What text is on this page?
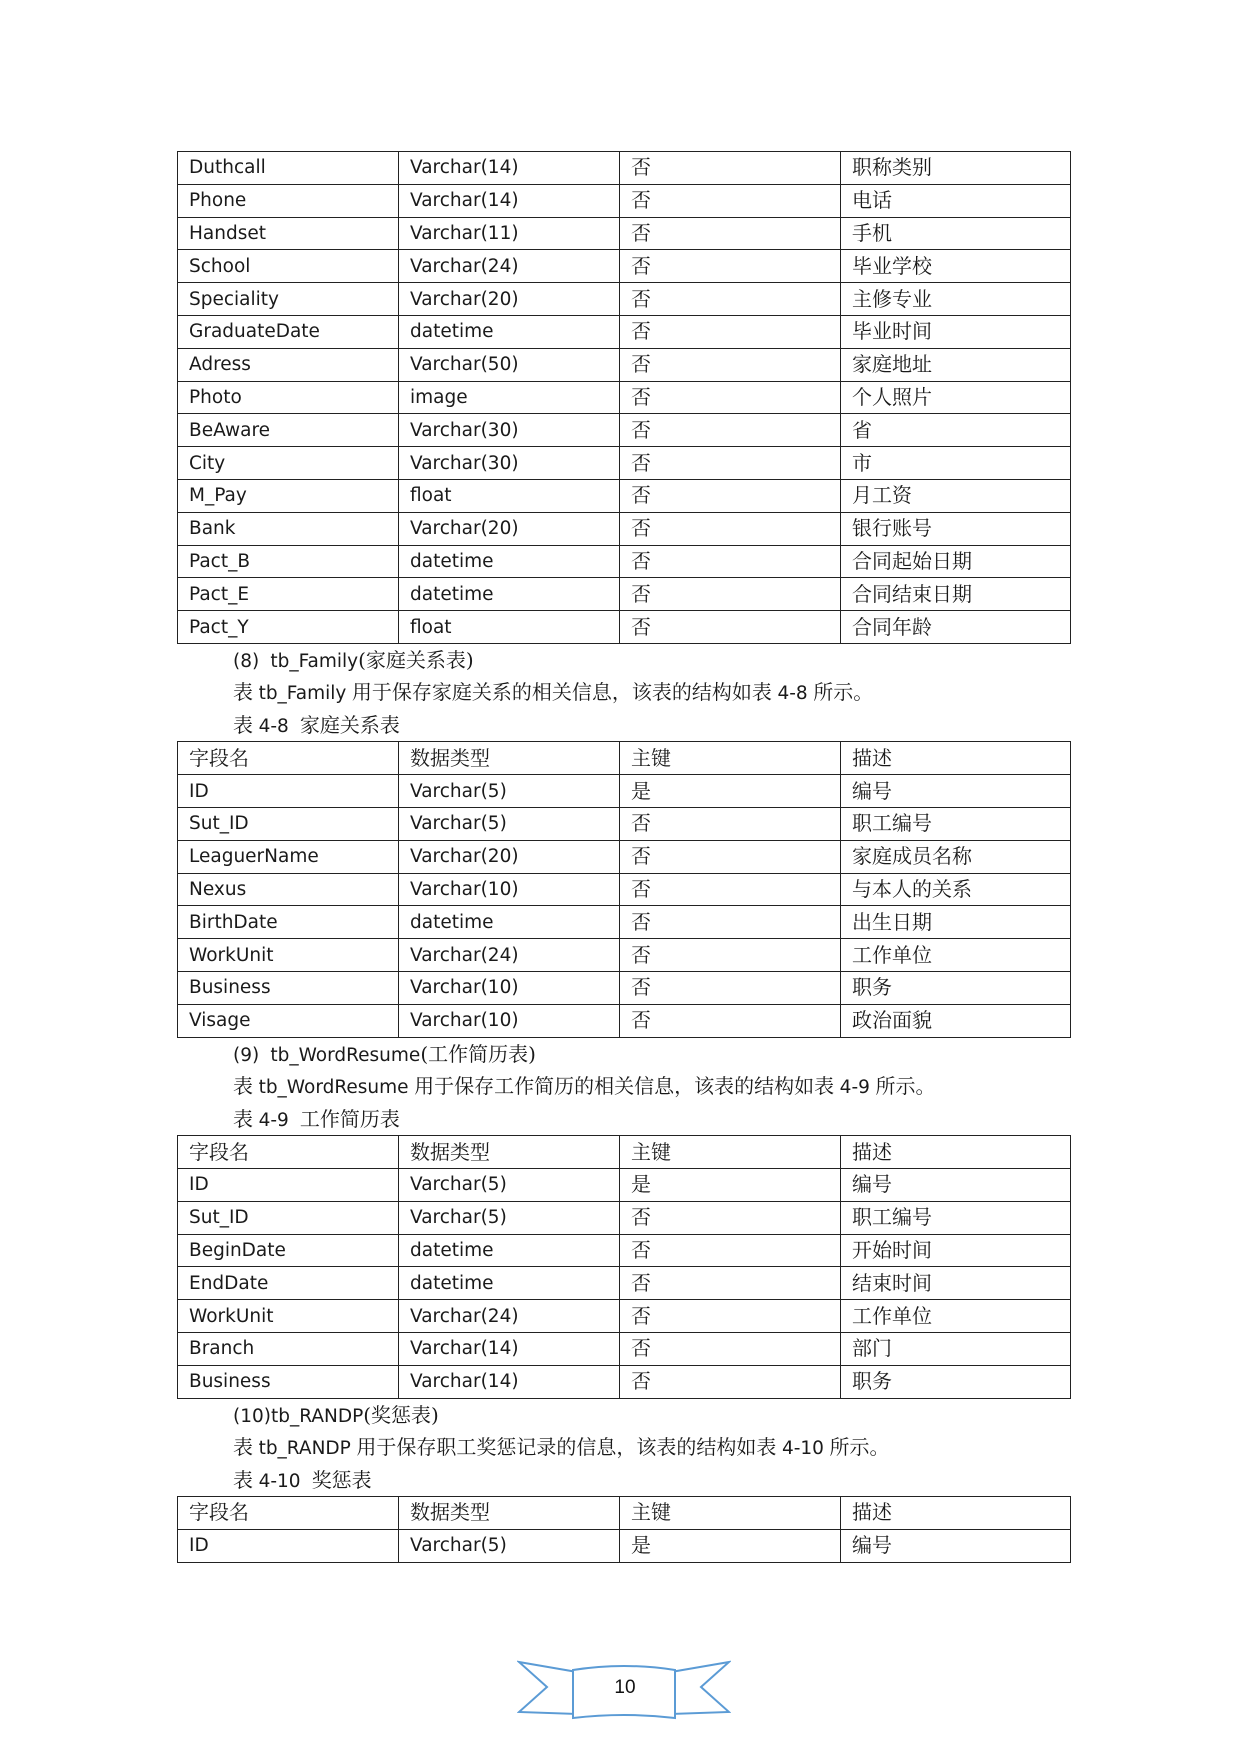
Duthcall	Varchar(14)	否	职称类别
Phone	Varchar(14)	否	电话
Handset	Varchar(11)	否	手机
School	Varchar(24)	否	毕业学校
Speciality	Varchar(20)	否	主修专业
GraduateDate	datetime	否	毕业时间
Adress	Varchar(50)	否	家庭地址
Photo	image	否	个人照片
BeAware	Varchar(30)	否	省
City	Varchar(30)	否	市
M_Pay	float	否	月工资
Bank	Varchar(20)	否	银行账号
Pact_B	datetime	否	合同起始日期
Pact_E	datetime	否	合同结束日期
Pact_Y	float	否	合同年龄

(8) tb_Family(家庭关系表)

表 tb_Family 用于保存家庭关系的相关信息，该表的结构如表 4-8 所示。

表 4-8 家庭关系表

字段名	数据类型	主键	描述
ID	Varchar(5)	是	编号
Sut_ID	Varchar(5)	否	职工编号
LeaguerName	Varchar(20)	否	家庭成员名称
Nexus	Varchar(10)	否	与本人的关系
BirthDate	datetime	否	出生日期
WorkUnit	Varchar(24)	否	工作单位
Business	Varchar(10)	否	职务
Visage	Varchar(10)	否	政治面貌

(9) tb_WordResume(工作简历表)

表 tb_WordResume 用于保存工作简历的相关信息，该表的结构如表 4-9 所示。

表 4-9 工作简历表

字段名	数据类型	主键	描述
ID	Varchar(5)	是	编号
Sut_ID	Varchar(5)	否	职工编号
BeginDate	datetime	否	开始时间
EndDate	datetime	否	结束时间
WorkUnit	Varchar(24)	否	工作单位
Branch	Varchar(14)	否	部门
Business	Varchar(14)	否	职务

(10)tb_RANDP(奖惩表)

表 tb_RANDP 用于保存职工奖惩记录的信息，该表的结构如表 4-10 所示。

表 4-10 奖惩表

字段名	数据类型	主键	描述
ID	Varchar(5)	是	编号
10
